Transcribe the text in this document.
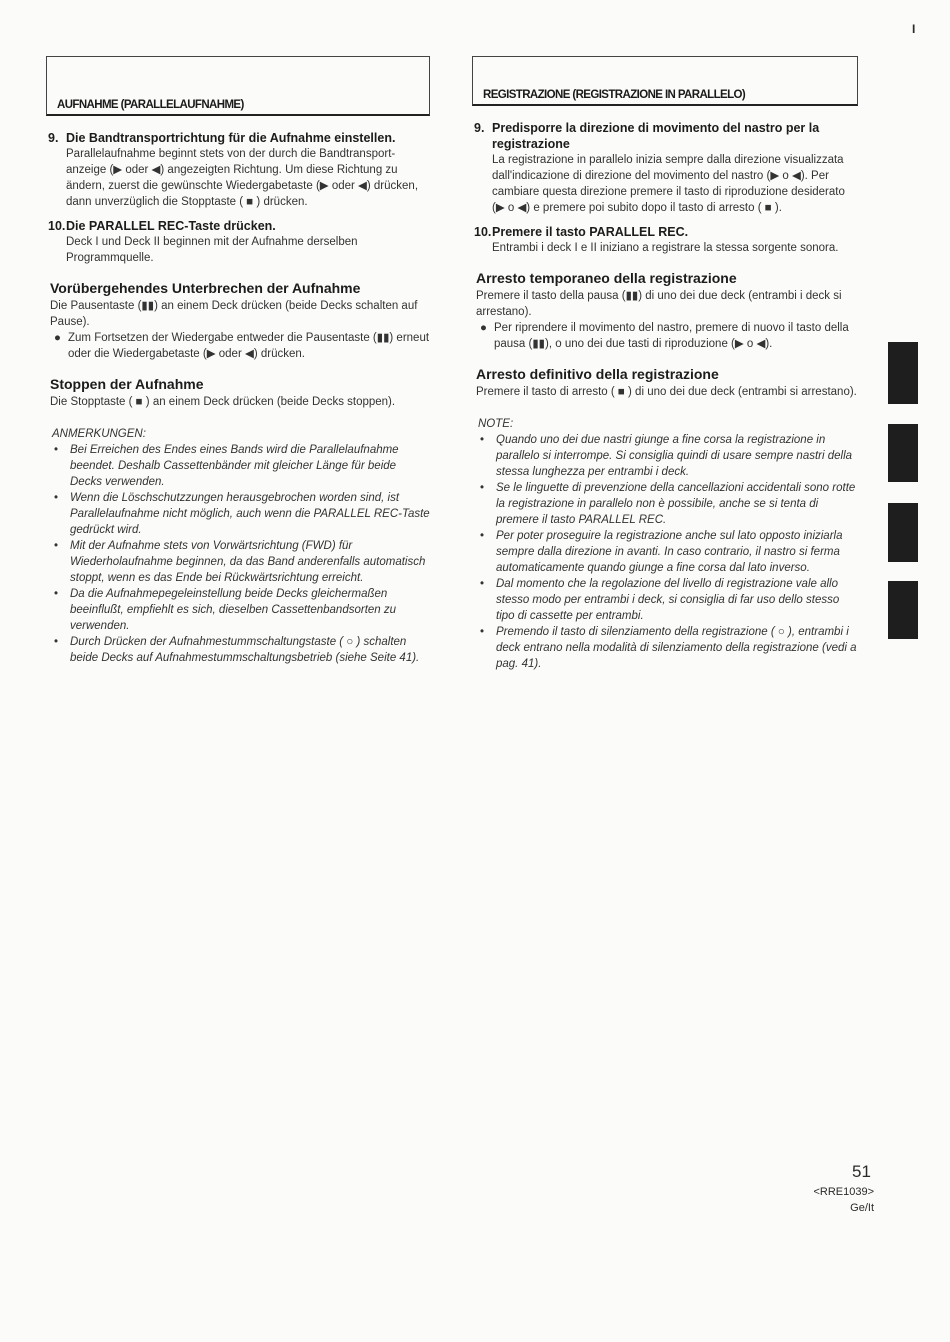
I
AUFNAHME (PARALLELAUFNAHME)
9. Die Bandtransportrichtung für die Aufnahme einstellen.
Parallelaufnahme beginnt stets von der durch die Bandtransport-anzeige (▶ oder ◀) angezeigten Richtung. Um diese Richtung zu ändern, zuerst die gewünschte Wiedergabetaste (▶ oder ◀) drücken, dann unverzüglich die Stopptaste ( ■ ) drücken.
10. Die PARALLEL REC-Taste drücken.
Deck I und Deck II beginnen mit der Aufnahme derselben Programmquelle.
Vorübergehendes Unterbrechen der Aufnahme
Die Pausentaste (▮▮) an einem Deck drücken (beide Decks schalten auf Pause).
● Zum Fortsetzen der Wiedergabe entweder die Pausentaste (▮▮) erneut oder die Wiedergabetaste (▶ oder ◀) drücken.
Stoppen der Aufnahme
Die Stopptaste ( ■ ) an einem Deck drücken (beide Decks stoppen).
ANMERKUNGEN:
• Bei Erreichen des Endes eines Bands wird die Parallelaufnahme beendet. Deshalb Cassettenbänder mit gleicher Länge für beide Decks verwenden.
• Wenn die Löschschutzzungen herausgebrochen worden sind, ist Parallelaufnahme nicht möglich, auch wenn die PARALLEL REC-Taste gedrückt wird.
• Mit der Aufnahme stets von Vorwärtsrichtung (FWD) für Wiederholaufnahme beginnen, da das Band anderenfalls automatisch stoppt, wenn es das Ende bei Rückwärtsrichtung erreicht.
• Da die Aufnahmepegeleinstellung beide Decks gleichermaßen beeinflußt, empfiehlt es sich, dieselben Cassettenbandsorten zu verwenden.
• Durch Drücken der Aufnahmestummschaltungstaste ( ○ ) schalten beide Decks auf Aufnahmestummschaltungsbetrieb (siehe Seite 41).
REGISTRAZIONE (REGISTRAZIONE IN PARALLELO)
9. Predisporre la direzione di movimento del nastro per la registrazione
La registrazione in parallelo inizia sempre dalla direzione visualizzata dall'indicazione di direzione del movimento del nastro (▶ o ◀). Per cambiare questa direzione premere il tasto di riproduzione desiderato (▶ o ◀) e premere poi subito dopo il tasto di arresto ( ■ ).
10. Premere il tasto PARALLEL REC.
Entrambi i deck I e II iniziano a registrare la stessa sorgente sonora.
Arresto temporaneo della registrazione
Premere il tasto della pausa (▮▮) di uno dei due deck (entrambi i deck si arrestano).
● Per riprendere il movimento del nastro, premere di nuovo il tasto della pausa (▮▮), o uno dei due tasti di riproduzione (▶ o ◀).
Arresto definitivo della registrazione
Premere il tasto di arresto ( ■ ) di uno dei due deck (entrambi si arrestano).
NOTE:
• Quando uno dei due nastri giunge a fine corsa la registrazione in parallelo si interrompe. Si consiglia quindi di usare sempre nastri della stessa lunghezza per entrambi i deck.
• Se le linguette di prevenzione della cancellazioni accidentali sono rotte la registrazione in parallelo non è possibile, anche se si tenta di premere il tasto PARALLEL REC.
• Per poter proseguire la registrazione anche sul lato opposto iniziarla sempre dalla direzione in avanti. In caso contrario, il nastro si ferma automaticamente quando giunge a fine corsa dal lato inverso.
• Dal momento che la regolazione del livello di registrazione vale allo stesso modo per entrambi i deck, si consiglia di far uso dello stesso tipo di cassette per entrambi.
• Premendo il tasto di silenziamento della registrazione ( ○ ), entrambi i deck entrano nella modalità di silenziamento della registrazione (vedi a pag. 41).
51
<RRE1039>
Ge/It
